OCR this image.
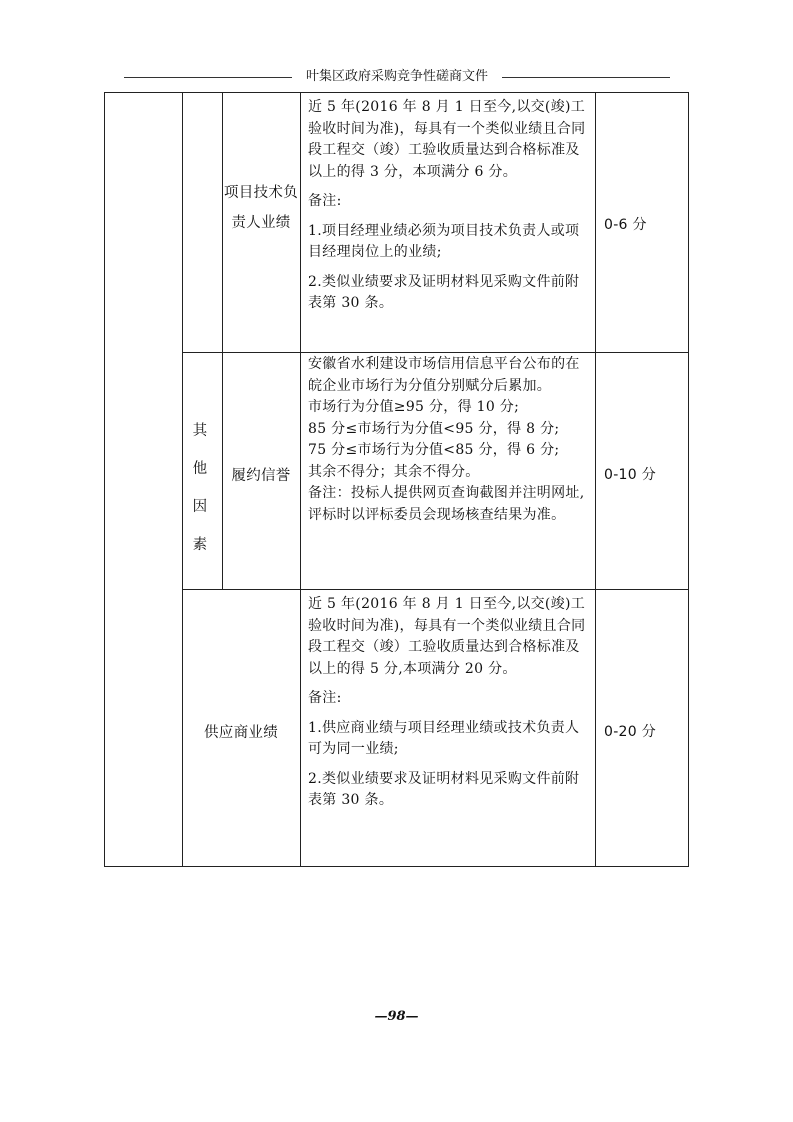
叶集区政府采购竞争性磋商文件
项目技术负责人业绩

近 5 年(2016 年 8 月 1 日至今,以交(竣)工验收时间为准)，每具有一个类似业绩且合同段工程交（竣）工验收质量达到合格标准及以上的得 3 分，本项满分 6 分。

备注:

1.项目经理业绩必须为项目技术负责人或项目经理岗位上的业绩;

2.类似业绩要求及证明材料见采购文件前附表第 30 条。

0-6 分
其他因素
履约信誉

安徽省水利建设市场信用信息平台公布的在皖企业市场行为分值分别赋分后累加。

市场行为分值≥95 分，得 10 分;

85 分≤市场行为分值<95 分，得 8 分;

75 分≤市场行为分值<85 分，得 6 分;

其余不得分；其余不得分。

备注：投标人提供网页查询截图并注明网址,评标时以评标委员会现场核查结果为准。

0-10 分
供应商业绩

近 5 年(2016 年 8 月 1 日至今,以交(竣)工验收时间为准)，每具有一个类似业绩且合同段工程交（竣）工验收质量达到合格标准及以上的得 5 分,本项满分 20 分。

备注:

1.供应商业绩与项目经理业绩或技术负责人可为同一业绩;

2.类似业绩要求及证明材料见采购文件前附表第 30 条。

0-20 分
—98—
